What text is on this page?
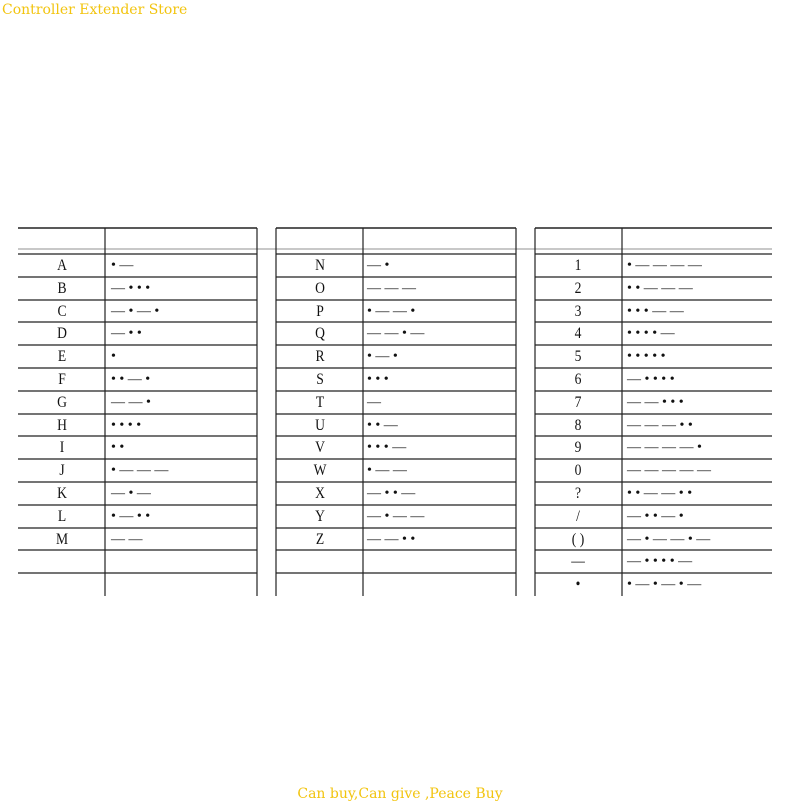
Controller Extender Store
A	• —
B	— • • •
C	— • — •
D	— • •
E	•
F	• • — •
G	— — •
H	• • • •
I	• •
J	• — — —
K	— • —
L	• — • •
M	— —
N	— •
O	— — —
P	• — — •
Q	— — • —
R	• — •
S	• • •
T	—
U	• • —
V	• • • —
W	• — —
X	— • • —
Y	— • — —
Z	— — • •
1	• — — — —
2	• • — — —
3	• • • — —
4	• • • • —
5	• • • • •
6	— • • • •
7	— — • • •
8	— — — • •
9	— — — — •
0	— — — — —
?	• • — — • •
/	— • • — •
( )	— • — — • —
—	— • • • • —
•	• — • — • —
Can buy,Can give ,Peace Buy
